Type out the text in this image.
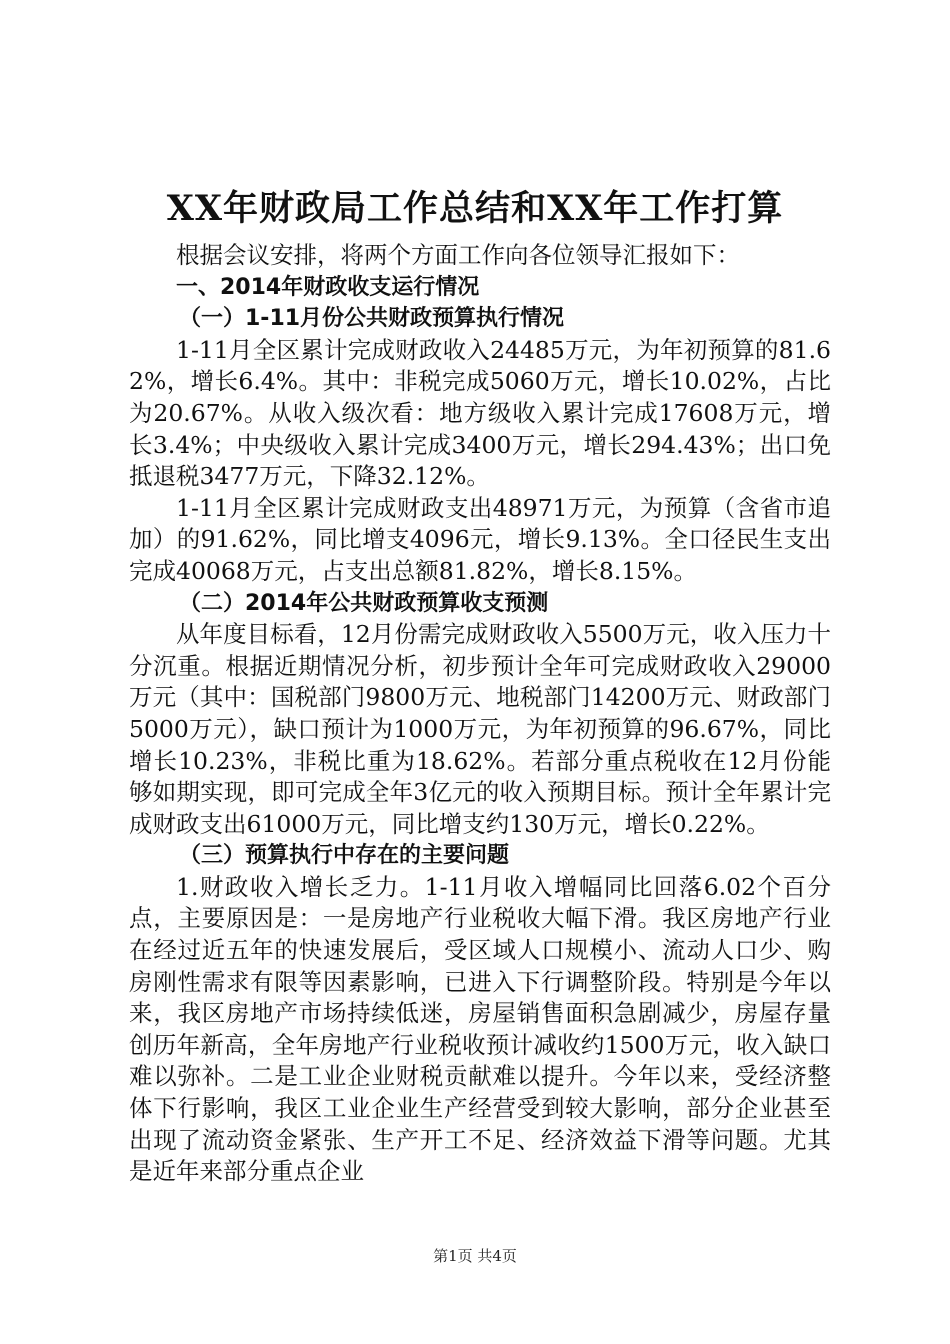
XX年财政局工作总结和XX年工作打算

根据会议安排，将两个方面工作向各位领导汇报如下：

一、2014年财政收支运行情况

（一）1-11月份公共财政预算执行情况

1-11月全区累计完成财政收入24485万元，为年初预算的81.62%，增长6.4%。其中：非税完成5060万元，增长10.02%，占比为20.67%。从收入级次看：地方级收入累计完成17608万元，增长3.4%；中央级收入累计完成3400万元，增长294.43%；出口免抵退税3477万元，下降32.12%。

1-11月全区累计完成财政支出48971万元，为预算（含省市追加）的91.62%，同比增支4096元，增长9.13%。全口径民生支出完成40068万元，占支出总额81.82%，增长8.15%。

（二）2014年公共财政预算收支预测

从年度目标看，12月份需完成财政收入5500万元，收入压力十分沉重。根据近期情况分析，初步预计全年可完成财政收入29000万元（其中：国税部门9800万元、地税部门14200万元、财政部门5000万元），缺口预计为1000万元，为年初预算的96.67%，同比增长10.23%，非税比重为18.62%。若部分重点税收在12月份能够如期实现，即可完成全年3亿元的收入预期目标。预计全年累计完成财政支出61000万元，同比增支约130万元，增长0.22%。

（三）预算执行中存在的主要问题

1.财政收入增长乏力。1-11月收入增幅同比回落6.02个百分点，主要原因是：一是房地产行业税收大幅下滑。我区房地产行业在经过近五年的快速发展后，受区域人口规模小、流动人口少、购房刚性需求有限等因素影响，已进入下行调整阶段。特别是今年以来，我区房地产市场持续低迷，房屋销售面积急剧减少，房屋存量创历年新高，全年房地产行业税收预计减收约1500万元，收入缺口难以弥补。二是工业企业财税贡献难以提升。今年以来，受经济整体下行影响，我区工业企业生产经营受到较大影响，部分企业甚至出现了流动资金紧张、生产开工不足、经济效益下滑等问题。尤其是近年来部分重点企业

第1页 共4页
